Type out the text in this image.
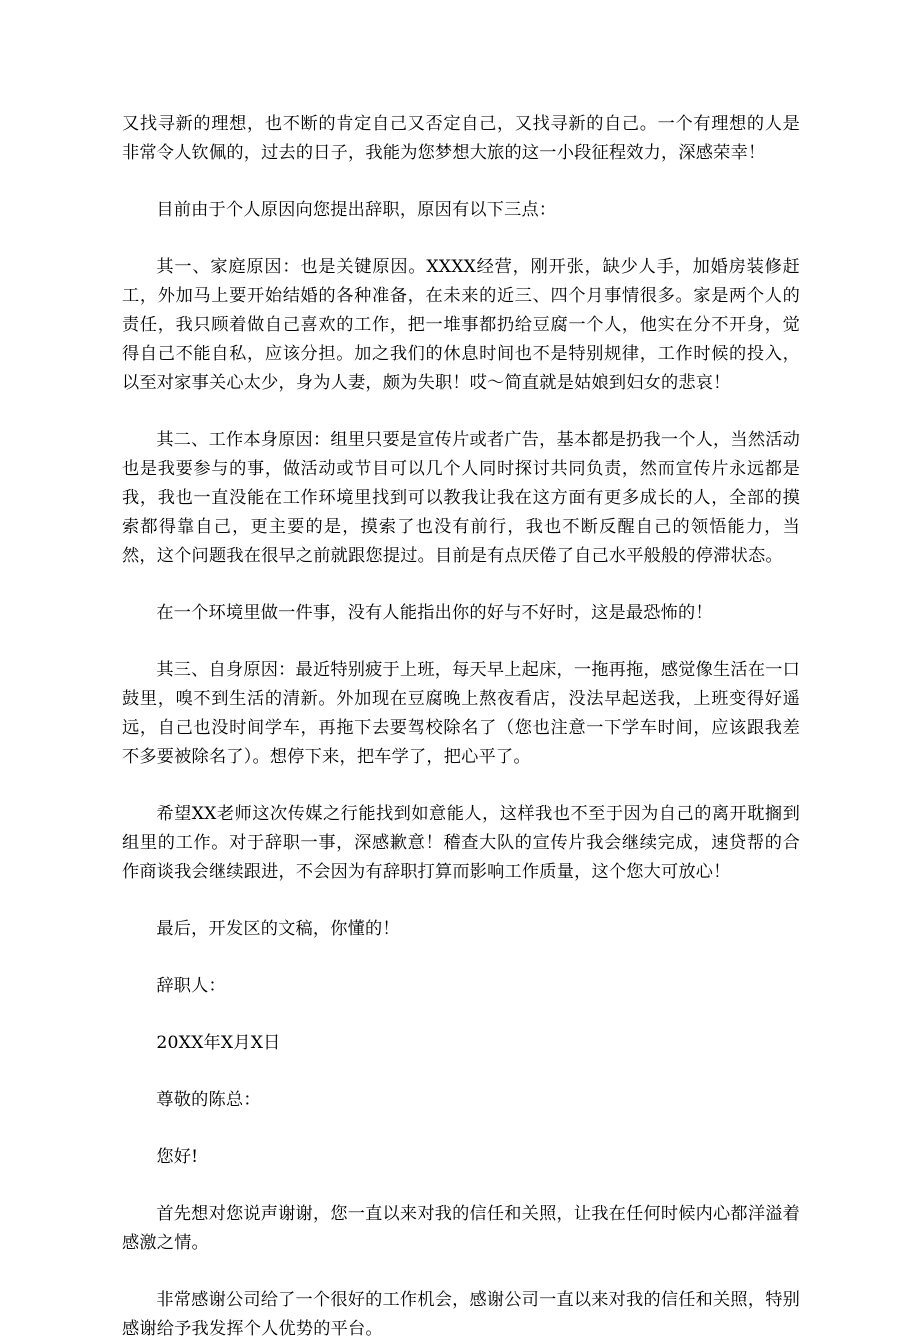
又找寻新的理想，也不断的肯定自己又否定自己，又找寻新的自己。一个有理想的人是非常令人钦佩的，过去的日子，我能为您梦想大旅的这一小段征程效力，深感荣幸！

目前由于个人原因向您提出辞职，原因有以下三点：

其一、家庭原因：也是关键原因。XXXX经营，刚开张，缺少人手，加婚房装修赶工，外加马上要开始结婚的各种准备，在未来的近三、四个月事情很多。家是两个人的责任，我只顾着做自己喜欢的工作，把一堆事都扔给豆腐一个人，他实在分不开身，觉得自己不能自私，应该分担。加之我们的休息时间也不是特别规律，工作时候的投入，以至对家事关心太少，身为人妻，颇为失职！哎～简直就是姑娘到妇女的悲哀！

其二、工作本身原因：组里只要是宣传片或者广告，基本都是扔我一个人，当然活动也是我要参与的事，做活动或节目可以几个人同时探讨共同负责，然而宣传片永远都是我，我也一直没能在工作环境里找到可以教我让我在这方面有更多成长的人，全部的摸索都得靠自己，更主要的是，摸索了也没有前行，我也不断反醒自己的领悟能力，当然，这个问题我在很早之前就跟您提过。目前是有点厌倦了自己水平般般的停滞状态。

在一个环境里做一件事，没有人能指出你的好与不好时，这是最恐怖的！

其三、自身原因：最近特别疲于上班，每天早上起床，一拖再拖，感觉像生活在一口鼓里，嗅不到生活的清新。外加现在豆腐晚上熬夜看店，没法早起送我，上班变得好遥远，自己也没时间学车，再拖下去要驾校除名了（您也注意一下学车时间，应该跟我差不多要被除名了）。想停下来，把车学了，把心平了。

希望XX老师这次传媒之行能找到如意能人，这样我也不至于因为自己的离开耽搁到组里的工作。对于辞职一事，深感歉意！稽查大队的宣传片我会继续完成，速贷帮的合作商谈我会继续跟进，不会因为有辞职打算而影响工作质量，这个您大可放心！

最后，开发区的文稿，你懂的！

辞职人：

20XX年X月X日

尊敬的陈总：

您好!

首先想对您说声谢谢，您一直以来对我的信任和关照，让我在任何时候内心都洋溢着感激之情。

非常感谢公司给了一个很好的工作机会，感谢公司一直以来对我的信任和关照，特别感谢给予我发挥个人优势的平台。
